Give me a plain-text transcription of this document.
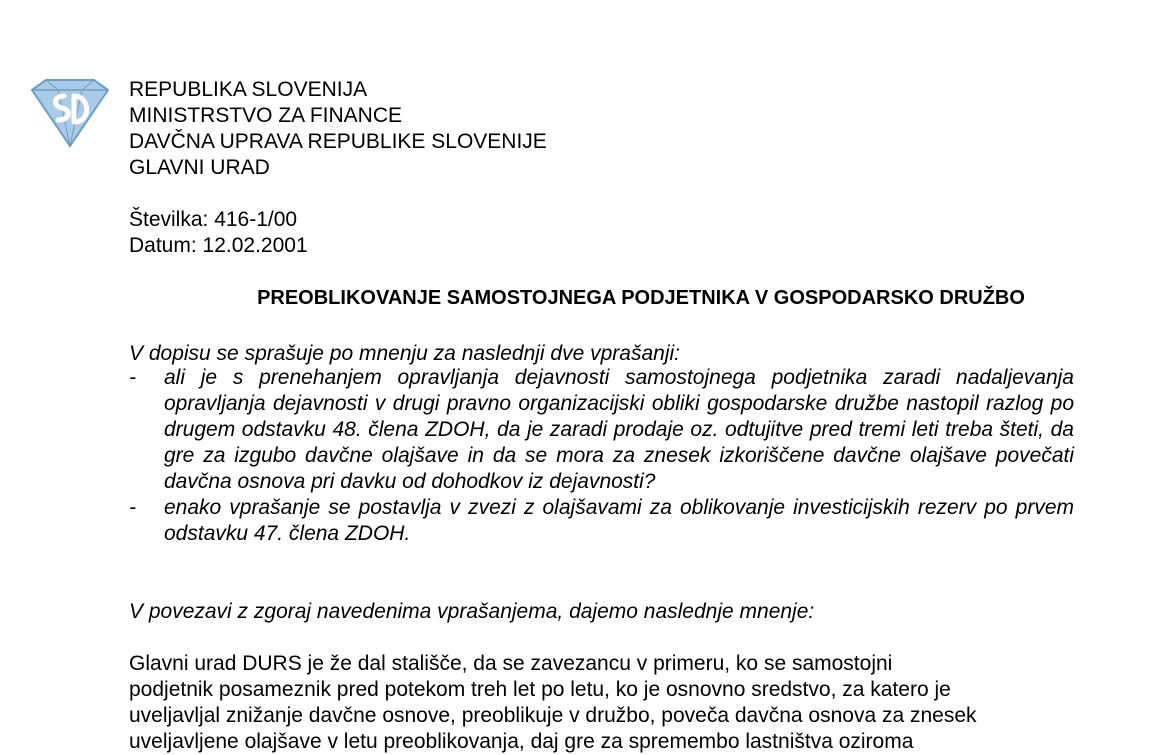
REPUBLIKA SLOVENIJA
MINISTRSTVO ZA FINANCE
DAVČNA UPRAVA REPUBLIKE SLOVENIJE
GLAVNI URAD
Številka: 416-1/00
Datum: 12.02.2001
PREOBLIKOVANJE SAMOSTOJNEGA PODJETNIKA V GOSPODARSKO DRUŽBO
V dopisu se sprašuje po mnenju za naslednji dve vprašanji:
- ali je s prenehanjem opravljanja dejavnosti samostojnega podjetnika zaradi nadaljevanja opravljanja dejavnosti v drugi pravno organizacijski obliki gospodarske družbe nastopil razlog po drugem odstavku 48. člena ZDOH, da je zaradi prodaje oz. odtujitve pred tremi leti treba šteti, da gre za izgubo davčne olajšave in da se mora za znesek izkoriščene davčne olajšave povečati davčna osnova pri davku od dohodkov iz dejavnosti?
- enako vprašanje se postavlja v zvezi z olajšavami za oblikovanje investicijskih rezerv po prvem odstavku 47. člena ZDOH.
V povezavi z zgoraj navedenima vprašanjema, dajemo naslednje mnenje:
Glavni urad DURS je že dal stališče, da se zavezancu v primeru, ko se samostojni
podjetnik posameznik pred potekom treh let po letu, ko je osnovno sredstvo, za katero je
uveljavljal znižanje davčne osnove, preoblikuje v družbo, poveča davčna osnova za znesek
uveljavljene olajšave v letu preoblikovanja, daj gre za spremembo lastništva oziroma
